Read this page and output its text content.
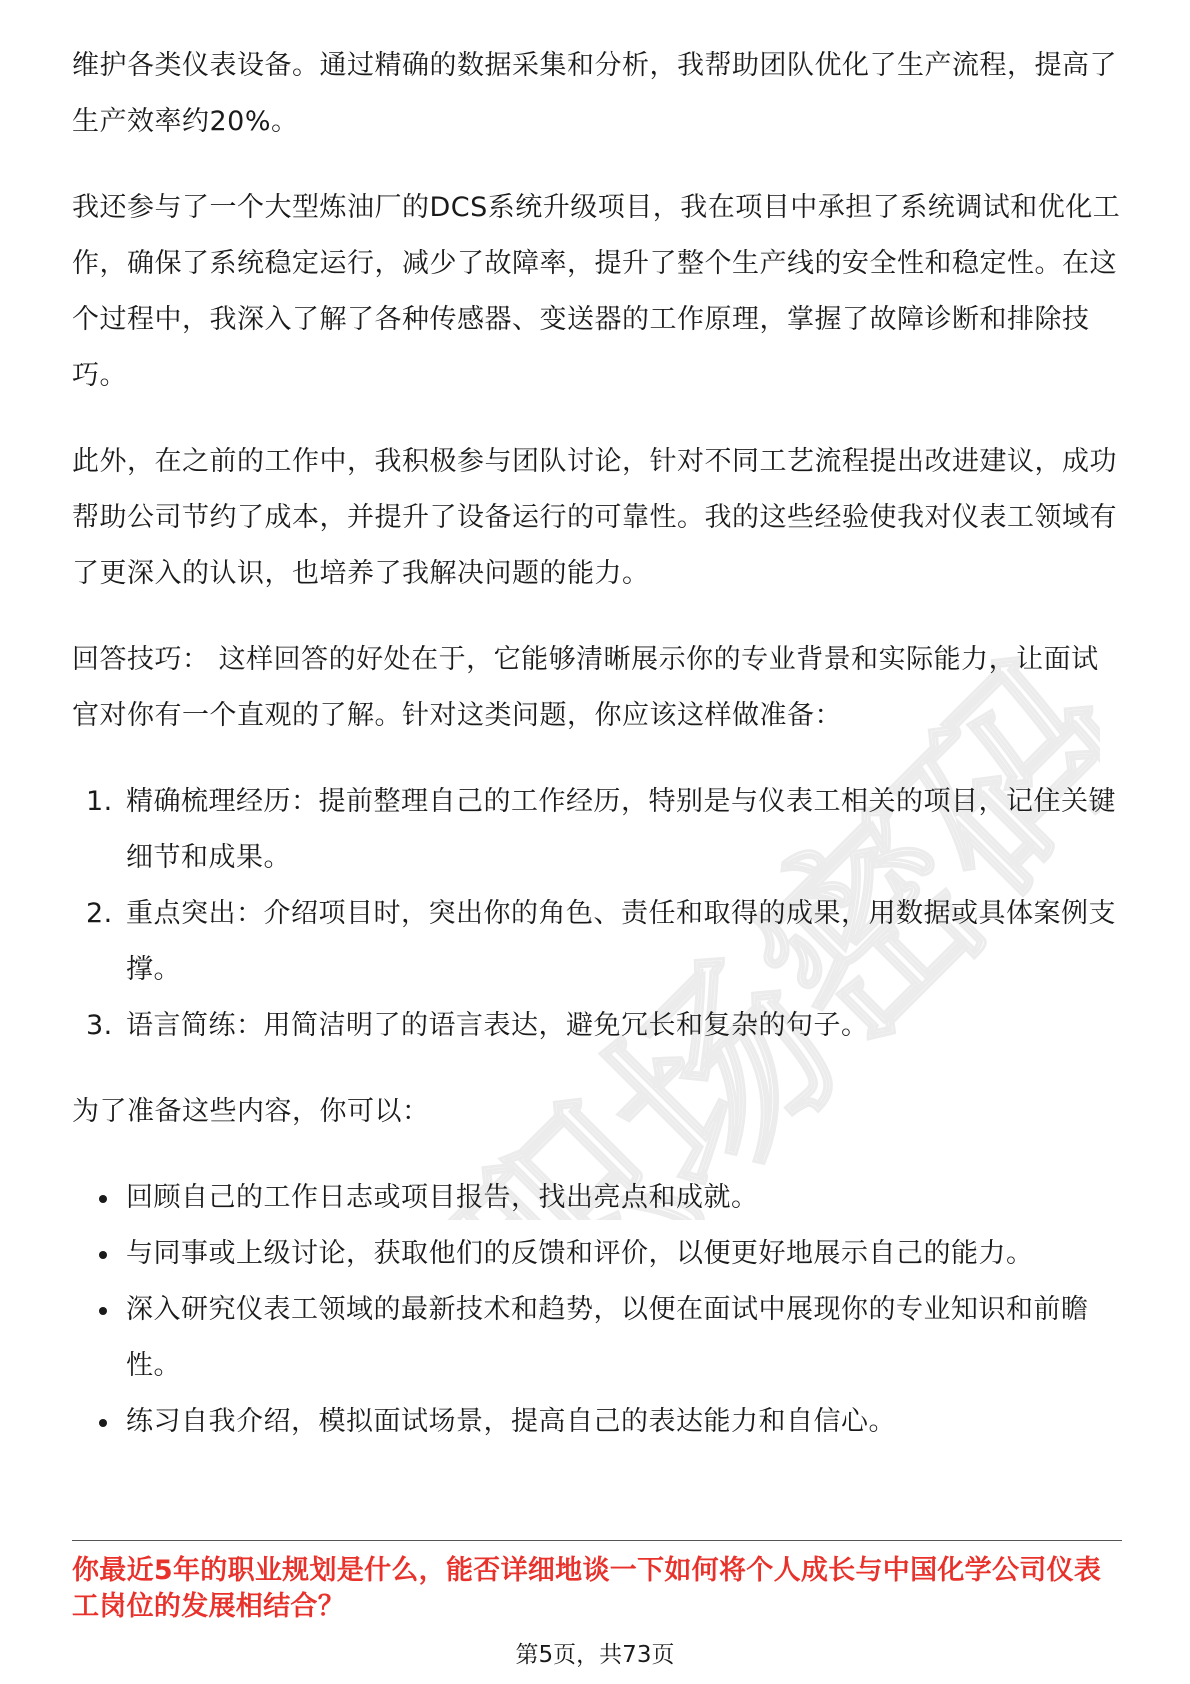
职场密码

维护各类仪表设备。通过精确的数据采集和分析，我帮助团队优化了生产流程，提高了生产效率约20%。

我还参与了一个大型炼油厂的DCS系统升级项目，我在项目中承担了系统调试和优化工作，确保了系统稳定运行，减少了故障率，提升了整个生产线的安全性和稳定性。在这个过程中，我深入了解了各种传感器、变送器的工作原理，掌握了故障诊断和排除技巧。

此外，在之前的工作中，我积极参与团队讨论，针对不同工艺流程提出改进建议，成功帮助公司节约了成本，并提升了设备运行的可靠性。我的这些经验使我对仪表工领域有了更深入的认识，也培养了我解决问题的能力。

回答技巧： 这样回答的好处在于，它能够清晰展示你的专业背景和实际能力，让面试官对你有一个直观的了解。针对这类问题，你应该这样做准备：

1. 精确梳理经历：提前整理自己的工作经历，特别是与仪表工相关的项目，记住关键细节和成果。
2. 重点突出：介绍项目时，突出你的角色、责任和取得的成果，用数据或具体案例支撑。
3. 语言简练：用简洁明了的语言表达，避免冗长和复杂的句子。

为了准备这些内容，你可以：

回顾自己的工作日志或项目报告，找出亮点和成就。
与同事或上级讨论，获取他们的反馈和评价，以便更好地展示自己的能力。
深入研究仪表工领域的最新技术和趋势，以便在面试中展现你的专业知识和前瞻性。
练习自我介绍，模拟面试场景，提高自己的表达能力和自信心。
你最近5年的职业规划是什么，能否详细地谈一下如何将个人成长与中国化学公司仪表工岗位的发展相结合？
第5页，共73页
